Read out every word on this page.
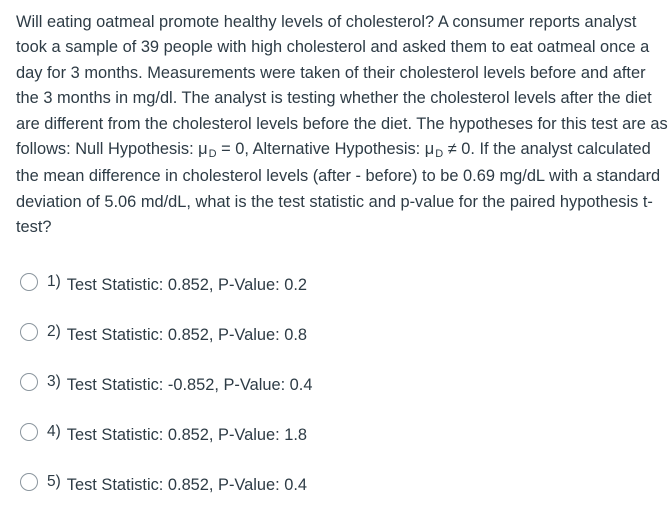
Will eating oatmeal promote healthy levels of cholesterol? A consumer reports analyst took a sample of 39 people with high cholesterol and asked them to eat oatmeal once a day for 3 months. Measurements were taken of their cholesterol levels before and after the 3 months in mg/dl. The analyst is testing whether the cholesterol levels after the diet are different from the cholesterol levels before the diet. The hypotheses for this test are as follows: Null Hypothesis: μD = 0, Alternative Hypothesis: μD ≠ 0. If the analyst calculated the mean difference in cholesterol levels (after - before) to be 0.69 mg/dL with a standard deviation of 5.06 md/dL, what is the test statistic and p-value for the paired hypothesis t-test?

1) Test Statistic: 0.852, P-Value: 0.2
2) Test Statistic: 0.852, P-Value: 0.8
3) Test Statistic: -0.852, P-Value: 0.4
4) Test Statistic: 0.852, P-Value: 1.8
5) Test Statistic: 0.852, P-Value: 0.4
